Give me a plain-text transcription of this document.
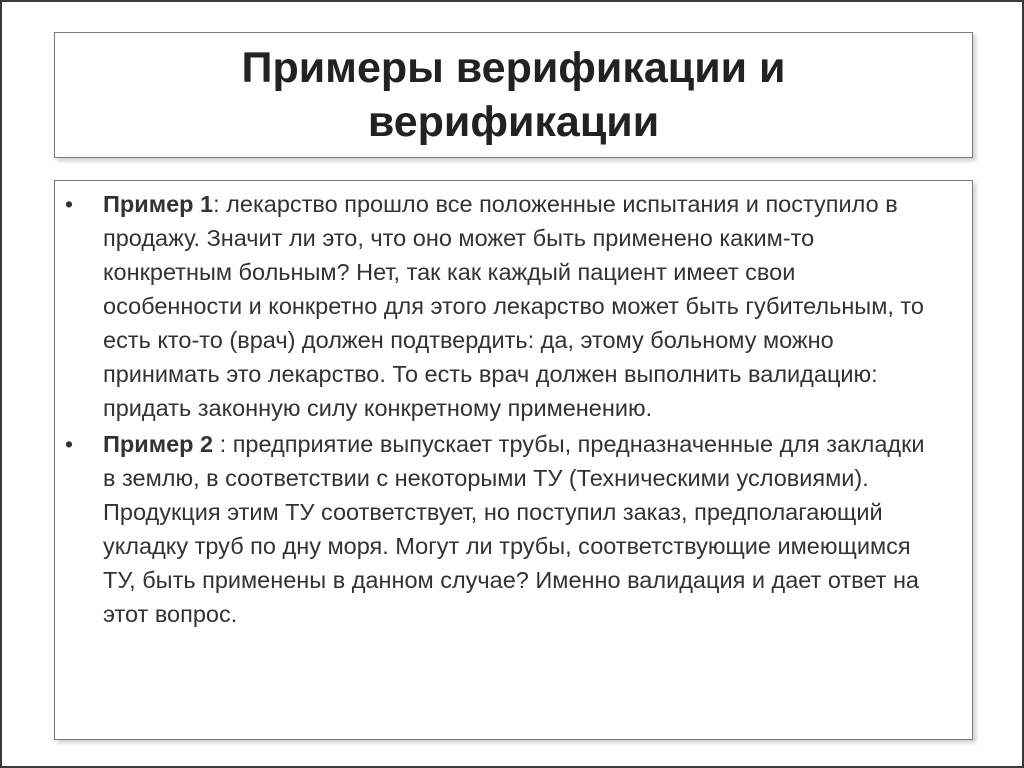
Примеры верификации и верификации
• Пример 1: лекарство прошло все положенные испытания и поступило в продажу. Значит ли это, что оно может быть применено каким-то конкретным больным? Нет, так как каждый пациент имеет свои особенности и конкретно для этого лекарство может быть губительным, то есть кто-то (врач) должен подтвердить: да, этому больному можно принимать это лекарство. То есть врач должен выполнить валидацию: придать законную силу конкретному применению.
• Пример 2 : предприятие выпускает трубы, предназначенные для закладки в землю, в соответствии с некоторыми ТУ (Техническими условиями). Продукция этим ТУ соответствует, но поступил заказ, предполагающий укладку труб по дну моря. Могут ли трубы, соответствующие имеющимся ТУ, быть применены в данном случае? Именно валидация и дает ответ на этот вопрос.
